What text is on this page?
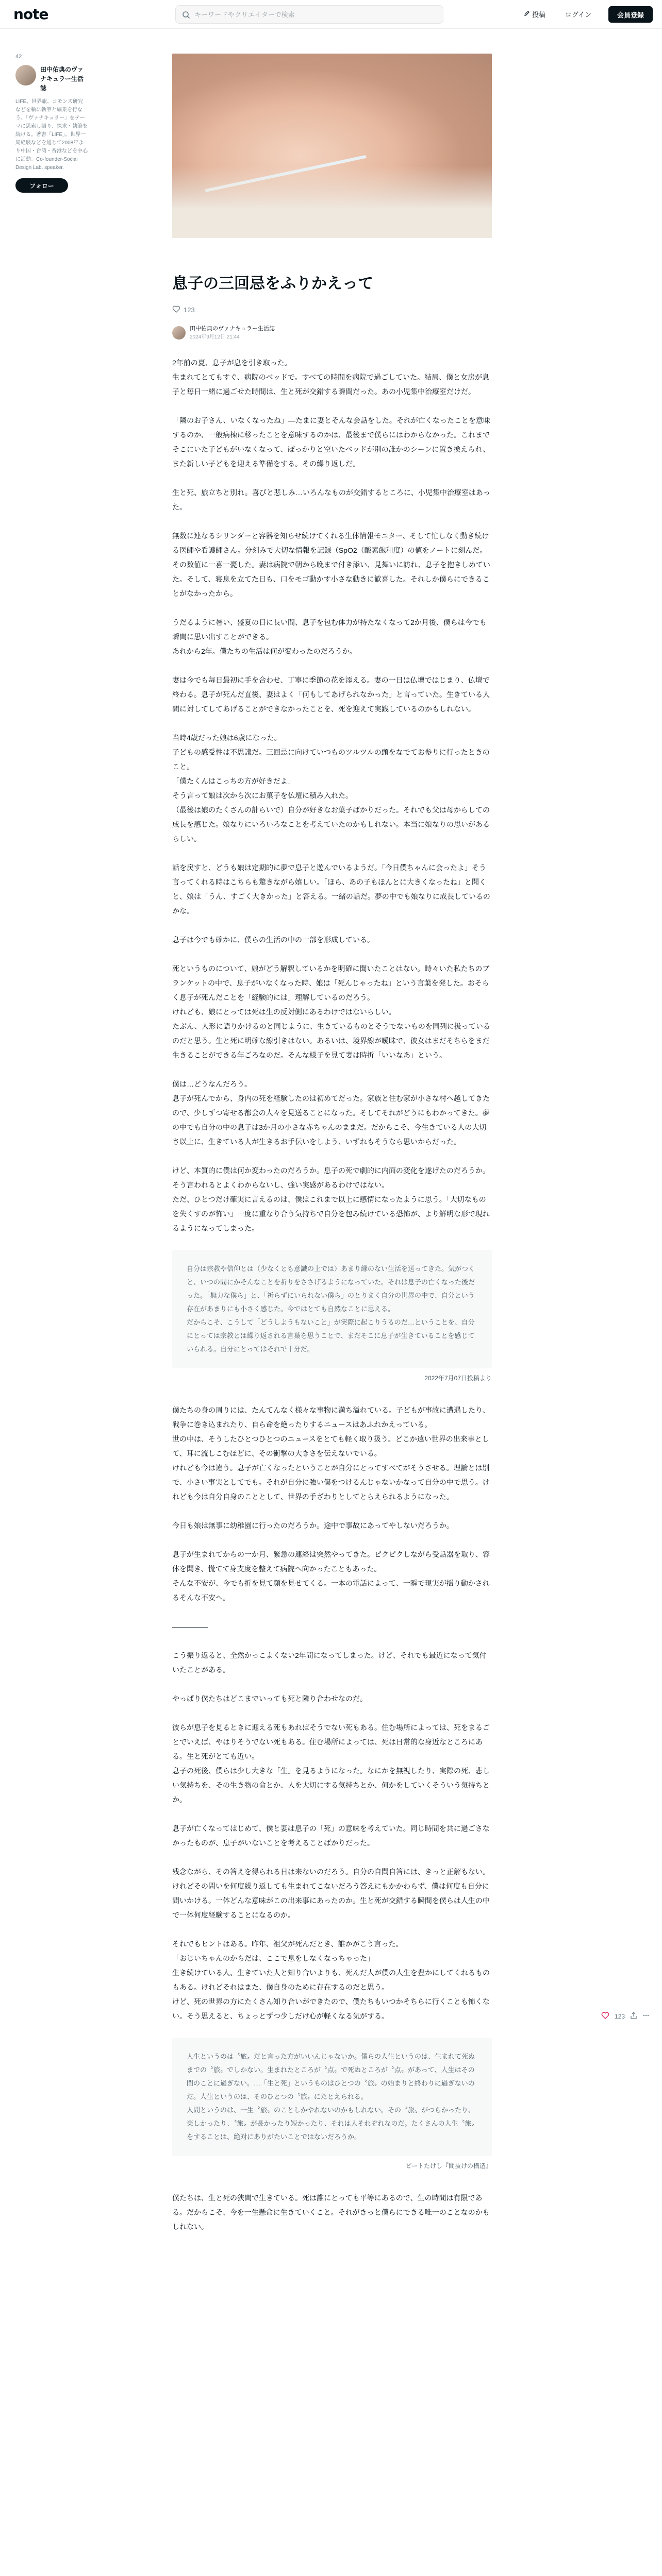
note
キーワードやクリエイターで検索	投稿	ログイン	会員登録
42
田中佑典のヴァナキュラー生活誌
LIFE、世界旅、コモンズ研究などを軸に執筆と編集を行なう。「ヴァナキュラー」をテーマに思索し語り、探求・執筆を続ける。著書「LIFE」。世界一周経験などを通じて2008年より中国・台湾・香港などを中心に活動。Co-founder-Social Design Lab. speaker.
フォロー
息子の三回忌をふりかえって
123
田中佑典のヴァナキュラー生活誌
2024年9月12日 21:44

2年前の夏、息子が息を引き取った。
生まれてとてもすぐ、病院のベッドで。すべての時間を病院で過ごしていた。結局、僕と女房が息子と毎日一緒に過ごせた時間は、生と死が交錯する瞬間だった。あの小児集中治療室だけだ。

「隣のお子さん、いなくなったね」―たまに妻とそんな会話をした。それが亡くなったことを意味するのか、一般病棟に移ったことを意味するのかは、最後まで僕らにはわからなかった。これまでそこにいた子どもがいなくなって、ぽっかりと空いたベッドが別の誰かのシーンに置き換えられ、また新しい子どもを迎える準備をする。その繰り返しだ。

生と死、旅立ちと別れ。喜びと悲しみ…いろんなものが交錯するところに、小児集中治療室はあった。

無数に連なるシリンダーと容器を知らせ続けてくれる生体情報モニター、そして忙しなく動き続ける医師や看護師さん。分刻みで大切な情報を記録（SpO2（酸素飽和度）の値をノートに刻んだ。その数値に一喜一憂した。妻は病院で朝から晩まで付き添い、見舞いに訪れ、息子を抱きしめていた。そして、寝息を立てた日も、口をモゴ動かす小さな動きに歓喜した。それしか僕らにできることがなかったから。

うだるように暑い、盛夏の日に長い間、息子を包む体力が持たなくなって2か月後、僕らは今でも瞬間に思い出すことができる。
あれから2年。僕たちの生活は何が変わったのだろうか。

妻は今でも毎日最初に手を合わせ、丁寧に季節の花を添える。妻の一日は仏壇ではじまり、仏壇で終わる。息子が死んだ直後、妻はよく「何もしてあげられなかった」と言っていた。生きている人間に対してしてあげることができなかったことを、死を迎えて実践しているのかもしれない。

当時4歳だった娘は6歳になった。
子どもの感受性は不思議だ。三回忌に向けていつものツルツルの頭をなでてお参りに行ったときのこと。
「僕たくんはこっちの方が好きだよ」
そう言って娘は次から次にお菓子を仏壇に積み入れた。
（最後は娘のたくさんの計らいで）自分が好きなお菓子ばかりだった。それでも父は母からしての成長を感じた。娘なりにいろいろなことを考えていたのかもしれない。本当に娘なりの思いがあるらしい。

話を戻すと、どうも娘は定期的に夢で息子と遊んでいるようだ。「今日僕ちゃんに会ったよ」そう言ってくれる時はこちらも驚きながら嬉しい。「ほら、あの子もほんとに大きくなったね」と聞くと、娘は「うん、すごく大きかった」と答える。一緒の話だ。夢の中でも娘なりに成長しているのかな。

息子は今でも確かに、僕らの生活の中の一部を形成している。

死というものについて、娘がどう解釈しているかを明確に聞いたことはない。時々いた私たちのブランケットの中で、息子がいなくなった時、娘は「死んじゃったね」という言葉を発した。おそらく息子が死んだことを「経験的には」理解しているのだろう。
けれども、娘にとっては死は生の反対側にあるわけではないらしい。
たぶん、人形に語りかけるのと同じように、生きているものとそうでないものを同列に扱っているのだと思う。生と死に明確な線引きはない。あるいは、境界線が曖昧で、彼女はまだそちらをまだ生きることができる年ごろなのだ。そんな様子を見て妻は時折「いいなあ」という。

僕は…どうなんだろう。
息子が死んでから、身内の死を経験したのは初めてだった。家族と住む家が小さな村へ越してきたので、少しずつ寄せる都会の人々を見送ることになった。そしてそれがどうにもわかってきた。夢の中でも自分の中の息子は3か月の小さな赤ちゃんのままだ。だからこそ、今生きている人の大切さ以上に、生きている人が生きるお手伝いをしよう、いずれもそうなら思いからだった。

けど、本質的に僕は何か変わったのだろうか。息子の死で劇的に内面の変化を遂げたのだろうか。そう言われるとよくわからないし、強い実感があるわけではない。
ただ、ひとつだけ確実に言えるのは、僕はこれまで以上に感情になったように思う。「大切なものを失くすのが怖い」一度に重なり合う気持ちで自分を包み続けている恐怖が、より鮮明な形で現れるようになってしまった。

自分は宗教や信仰とは（少なくとも意識の上では）あまり縁のない生活を送ってきた。気がつくと、いつの間にかそんなことを祈りをささげるようになっていた。それは息子の亡くなった後だった。「無力な僕ら」と、「祈らずにいられない僕ら」のとりまく自分の世界の中で、自分という存在があまりにも小さく感じた。今ではとても自然なことに思える。
だからこそ、こうして「どうしようもないこと」が実際に起こりうるのだ…ということを、自分にとっては宗教とは繰り返される言葉を思うことで、まだそこに息子が生きていることを感じていられる。自分にとってはそれで十分だ。
2022年7月07日投稿より

僕たちの身の周りには、たんてんなく様々な事物に満ち溢れている。子どもが事故に遭遇したり、戦争に巻き込まれたり、自ら命を絶ったりするニュースはあふれかえっている。
世の中は、そうしたひとつひとつのニュースをとても軽く取り扱う。どこか遠い世界の出来事として、耳に流しこむほどに、その衝撃の大きさを伝えないでいる。
けれども今は違う。息子が亡くなったということが自分にとってすべてがそうさせる。理論とは別で、小さい事実としてでも。それが自分に強い傷をつけるんじゃないかなって自分の中で思う。けれども今は自分自身のこととして、世界の手ざわりとしてとらえられるようになった。

今日も娘は無事に幼稚園に行ったのだろうか。途中で事故にあってやしないだろうか。

息子が生まれてからの一か月、緊急の連絡は突然やってきた。ピクピクしながら受話器を取り、容体を聞き、慌てて身支度を整えて病院へ向かったこともあった。
そんな不安が、今でも折を見て顔を見せてくる。一本の電話によって、一瞬で現実が揺り動かされるそんな不安へ。

―――――

こう振り返ると、全然かっこよくない2年間になってしまった。けど、それでも最近になって気付いたことがある。

やっぱり僕たちはどこまでいっても死と隣り合わせなのだ。

彼らが息子を見るときに迎える死もあればそうでない死もある。住む場所によっては、死をまるごとでいえば、やはりそうでない死もある。住む場所によっては、死は日常的な身近なところにある。生と死がとても近い。
息子の死後、僕らは少し大きな「生」を見るようになった。なにかを無視したり、実際の死、悲しい気持ちを、その生き物の命とか、人を大切にする気持ちとか、何かをしていくそういう気持ちとか。

息子が亡くなってはじめて、僕と妻は息子の「死」の意味を考えていた。同じ時間を共に過ごさなかったものが、息子がいないことを考えることばかりだった。

残念ながら、その答えを得られる日は来ないのだろう。自分の自問自答には、きっと正解もない。けれどその問いを何度繰り返しても生まれてこないだろう答えにもかかわらず、僕は何度も自分に問いかける。一体どんな意味がこの出来事にあったのか。生と死が交錯する瞬間を僕らは人生の中で一体何度経験することになるのか。

それでもヒントはある。昨年、祖父が死んだとき、誰かがこう言った。
「おじいちゃんのからだは、ここで息をしなくなっちゃった」
生き続けている人、生きていた人と知り合いよりも、死んだ人が僕の人生を豊かにしてくれるものもある。けれどそれはまた、僕自身のために存在するのだと思う。
けど、死の世界の方にたくさん知り合いができたので、僕たちもいつかそちらに行くことも怖くない。そう思えると、ちょっとずつ少しだけ心が軽くなる気がする。

人生というのは〝旅〟だと言った方がいいんじゃないか。僕らの人生というのは、生まれて死ぬまでの〝旅〟でしかない。生まれたところが〝点〟で死ぬところが〝点〟があって、人生はその間のことに過ぎない。…「生と死」というものはひとつの〝旅〟の始まりと終わりに過ぎないのだ。人生というのは、そのひとつの〝旅〟にたとえられる。
人間というのは、一生〝旅〟のことしかやれないのかもしれない。その〝旅〟がつらかったり、楽しかったり、〝旅〟が長かったり短かったり、それは人それぞれなのだ。たくさんの人生〝旅〟をすることは、絶対にありがたいことではないだろうか。
ビートたけし『間抜けの構造』

僕たちは、生と死の狭間で生きている。死は誰にとっても平等にあるので、生の時間は有限である。だからこそ、今を一生懸命に生きていくこと。それがきっと僕らにできる唯一のことなのかもしれない。

123
